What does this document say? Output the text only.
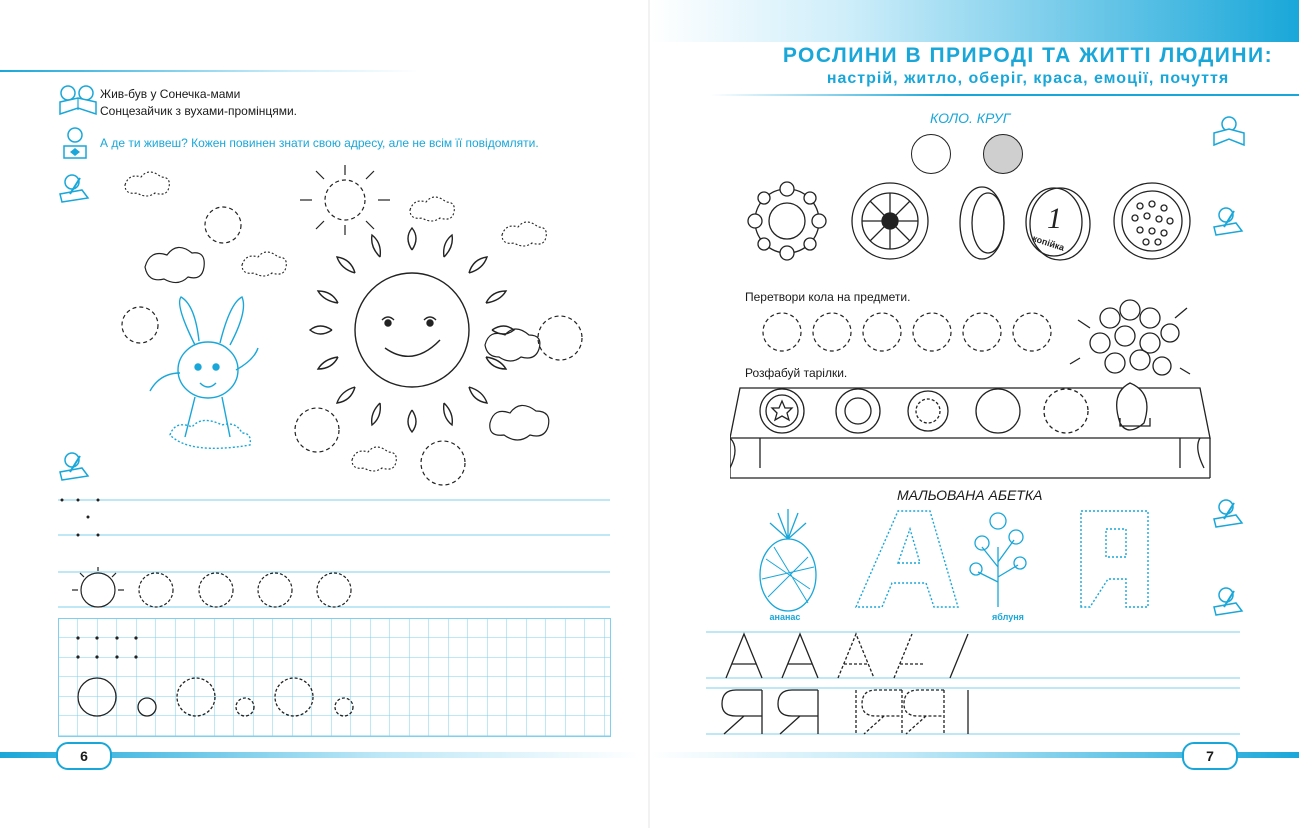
Жив-був у Сонечка-мами
Сонцезайчик з вухами-промінцями.
А де ти живеш? Кожен повинен знати свою адресу, але не всім її повідомляти.
6
РОСЛИНИ В ПРИРОДІ ТА ЖИТТІ ЛЮДИНИ:
настрій, житло, оберіг, краса, емоції, почуття
КОЛО. КРУГ
1
копійка
Перетвори кола на предмети.
Розфабуй тарілки.
МАЛЬОВАНА АБЕТКА
ананас	яблуня
7
